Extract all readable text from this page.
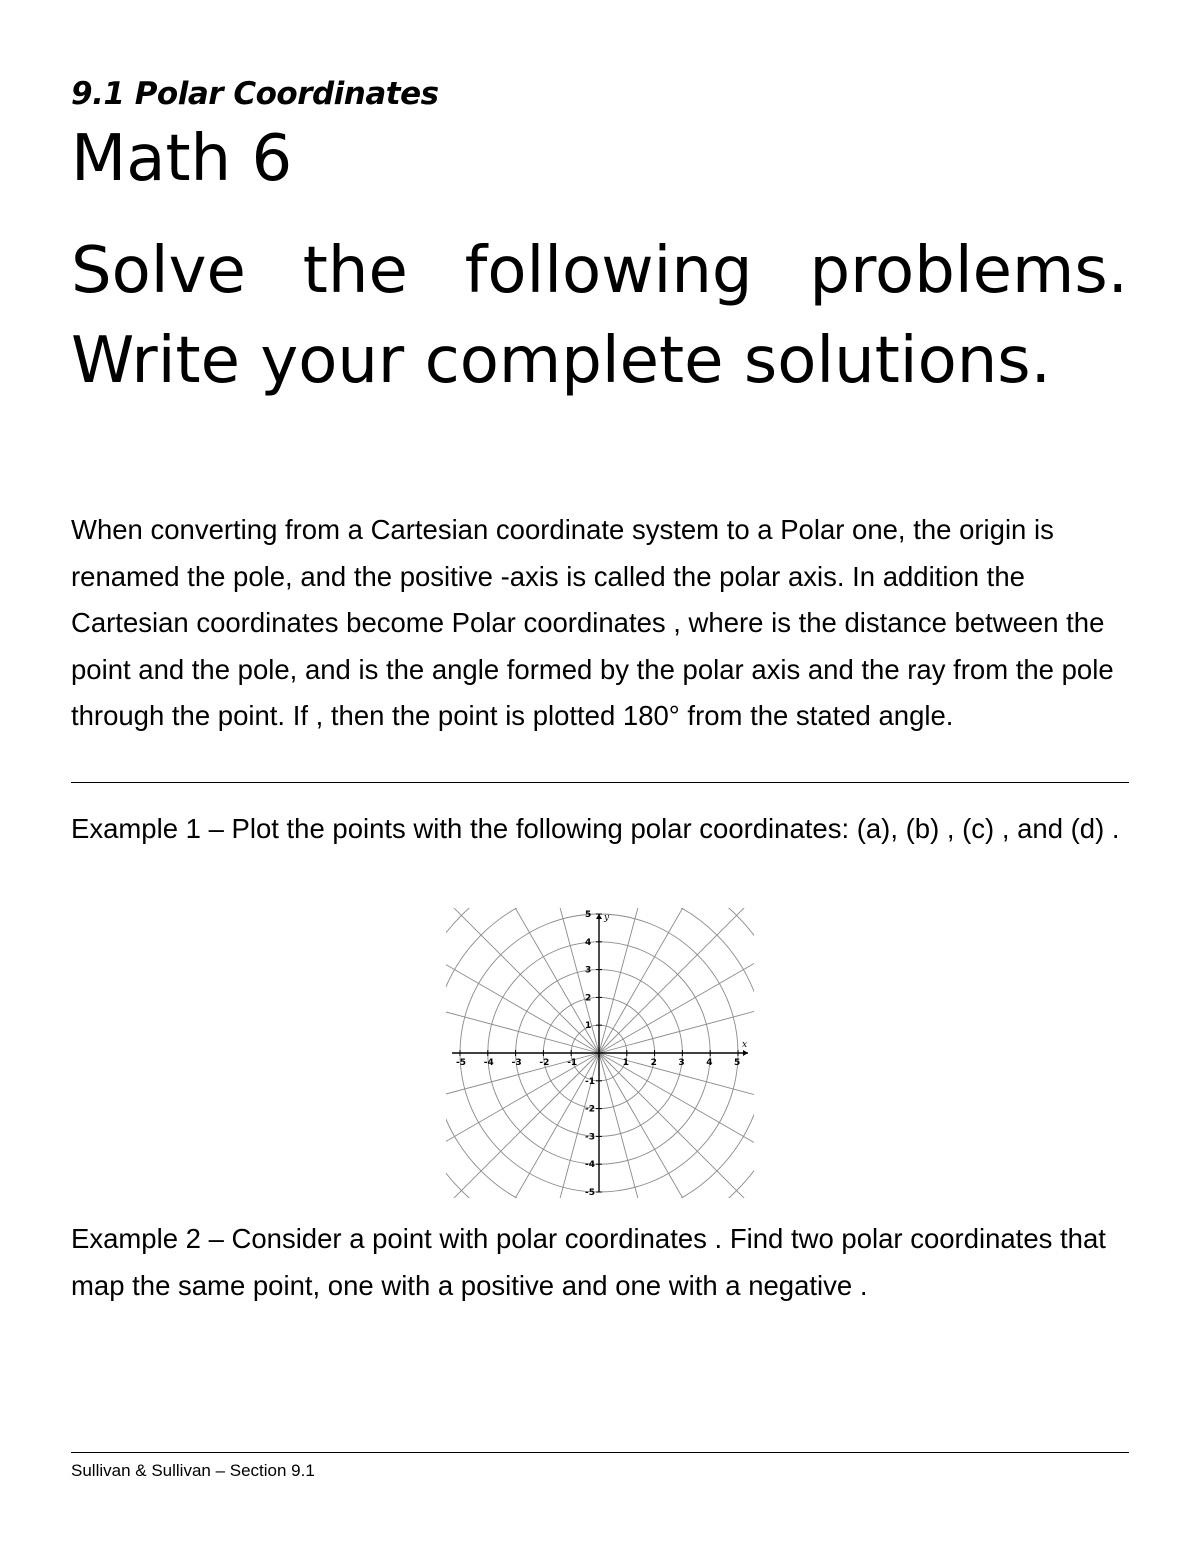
9.1 Polar Coordinates
Math 6

Solve the following problems. Write your complete solutions.

When converting from a Cartesian coordinate system to a Polar one, the origin is renamed the pole, and the positive -axis is called the polar axis. In addition the Cartesian coordinates become Polar coordinates , where is the distance between the point and the pole, and is the angle formed by the polar axis and the ray from the pole through the point. If , then the point is plotted 180° from the stated angle.

Example 1 – Plot the points with the following polar coordinates: (a), (b) , (c) , and (d) .

x
y
-5 -4 -3 -2 -1	1 2 3 4 5
5
4
3
2
1
-1
-2
-3
-4
-5

Example 2 – Consider a point with polar coordinates . Find two polar coordinates that map the same point, one with a positive and one with a negative .

Sullivan & Sullivan – Section 9.1
